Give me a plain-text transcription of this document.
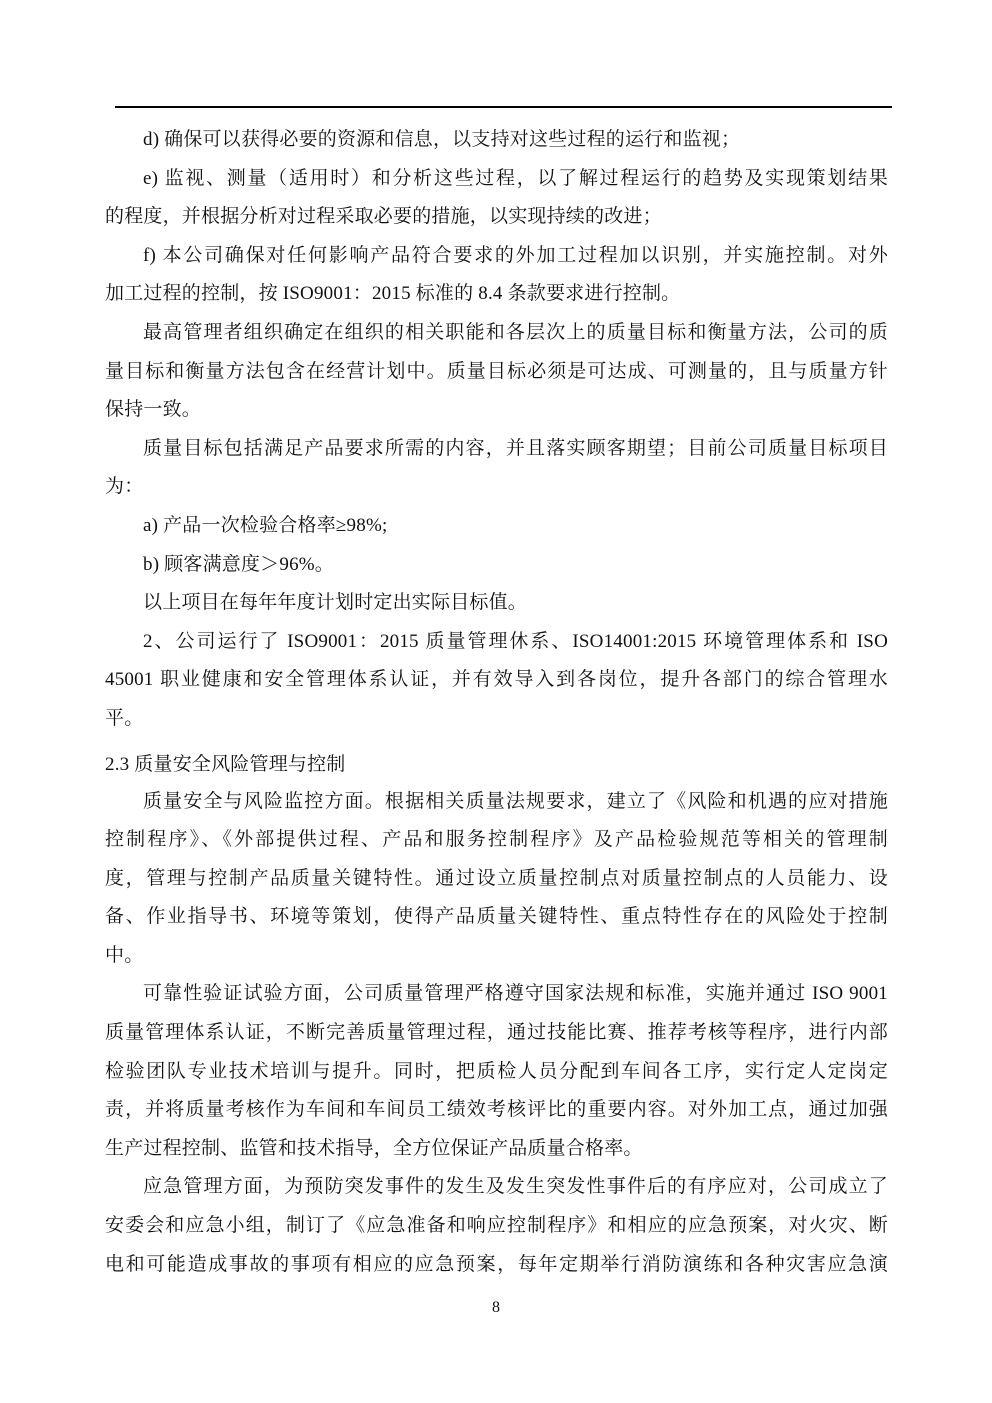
d) 确保可以获得必要的资源和信息，以支持对这些过程的运行和监视；
e) 监视、测量（适用时）和分析这些过程，以了解过程运行的趋势及实现策划结果
的程度，并根据分析对过程采取必要的措施，以实现持续的改进；
f) 本公司确保对任何影响产品符合要求的外加工过程加以识别，并实施控制。对外
加工过程的控制，按 ISO9001：2015 标准的 8.4 条款要求进行控制。
最高管理者组织确定在组织的相关职能和各层次上的质量目标和衡量方法，公司的质
量目标和衡量方法包含在经营计划中。质量目标必须是可达成、可测量的，且与质量方针
保持一致。
质量目标包括满足产品要求所需的内容，并且落实顾客期望；目前公司质量目标项目
为：
a) 产品一次检验合格率≥98%;
b) 顾客满意度＞96%。
以上项目在每年年度计划时定出实际目标值。
2、公司运行了 ISO9001：2015 质量管理休系、ISO14001:2015 环境管理体系和 ISO
45001 职业健康和安全管理体系认证，并有效导入到各岗位，提升各部门的综合管理水
平。
2.3 质量安全风险管理与控制
质量安全与风险监控方面。根据相关质量法规要求，建立了《风险和机遇的应对措施
控制程序》、《外部提供过程、产品和服务控制程序》及产品检验规范等相关的管理制
度，管理与控制产品质量关键特性。通过设立质量控制点对质量控制点的人员能力、设
备、作业指导书、环境等策划，使得产品质量关键特性、重点特性存在的风险处于控制
中。
可靠性验证试验方面，公司质量管理严格遵守国家法规和标准，实施并通过 ISO 9001
质量管理体系认证，不断完善质量管理过程，通过技能比赛、推荐考核等程序，进行内部
检验团队专业技术培训与提升。同时，把质检人员分配到车间各工序，实行定人定岗定
责，并将质量考核作为车间和车间员工绩效考核评比的重要内容。对外加工点，通过加强
生产过程控制、监管和技术指导，全方位保证产品质量合格率。
应急管理方面，为预防突发事件的发生及发生突发性事件后的有序应对，公司成立了
安委会和应急小组，制订了《应急准备和响应控制程序》和相应的应急预案，对火灾、断
电和可能造成事故的事项有相应的应急预案，每年定期举行消防演练和各种灾害应急演
8
